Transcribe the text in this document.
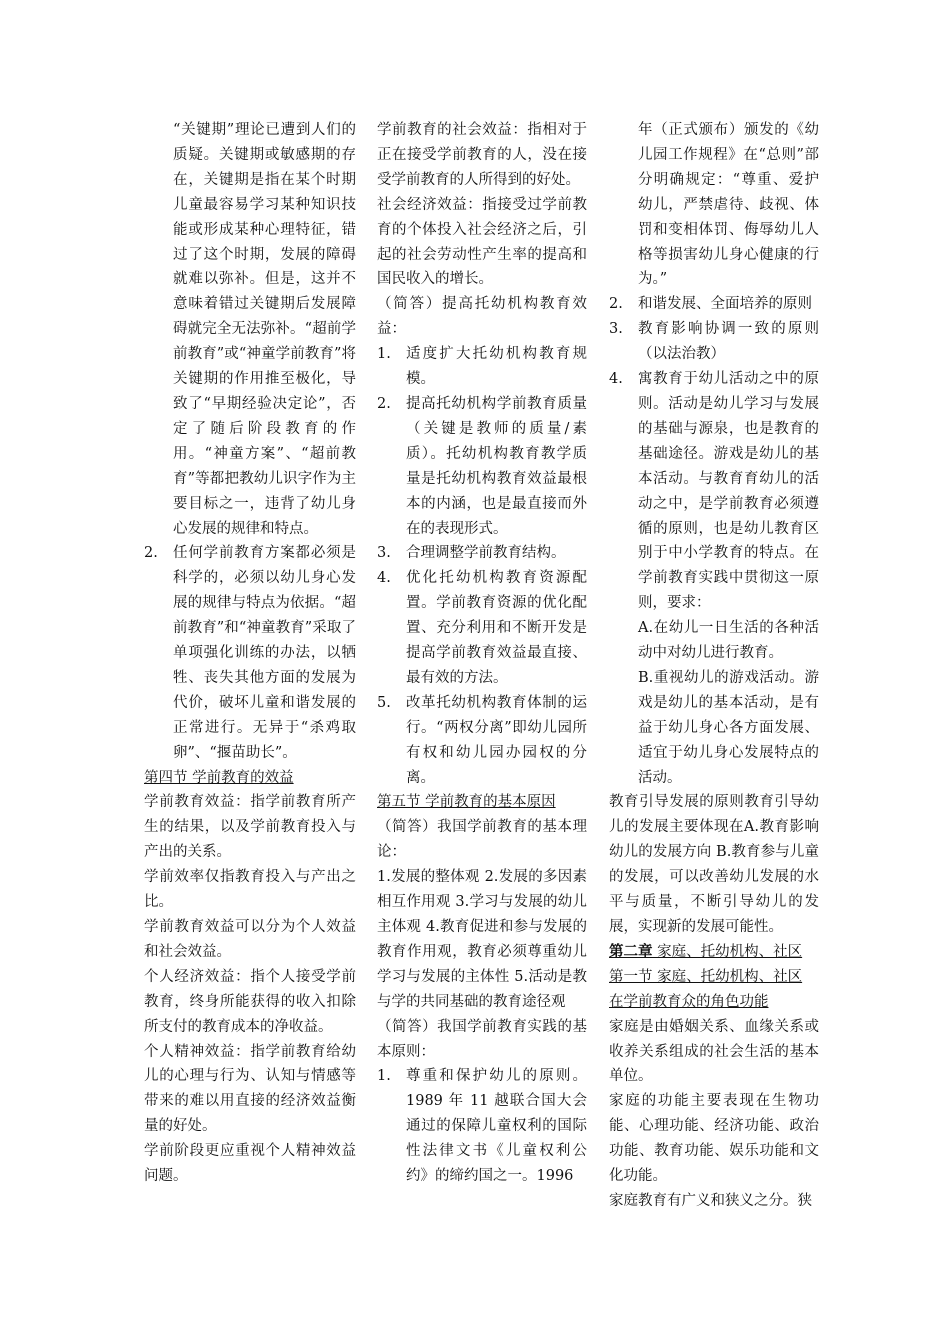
“关键期”理论已遭到人们的质疑。关键期或敏感期的存在，关键期是指在某个时期儿童最容易学习某种知识技能或形成某种心理特征，错过了这个时期，发展的障碍就难以弥补。但是，这并不意味着错过关键期后发展障碍就完全无法弥补。“超前学前教育”或“神童学前教育”将关键期的作用推至极化，导致了“早期经验决定论”，否定了随后阶段教育的作用。“神童方案”、“超前教育”等都把教幼儿识字作为主要目标之一，违背了幼儿身心发展的规律和特点。

2. 任何学前教育方案都必须是科学的，必须以幼儿身心发展的规律与特点为依据。“超前教育”和“神童教育”采取了单项强化训练的办法，以牺牲、丧失其他方面的发展为代价，破坏儿童和谐发展的正常进行。无异于“杀鸡取卵”、“揠苗助长”。

第四节 学前教育的效益

学前教育效益：指学前教育所产生的结果，以及学前教育投入与产出的关系。

学前效率仅指教育投入与产出之比。

学前教育效益可以分为个人效益和社会效益。

个人经济效益：指个人接受学前教育，终身所能获得的收入扣除所支付的教育成本的净收益。

个人精神效益：指学前教育给幼儿的心理与行为、认知与情感等带来的难以用直接的经济效益衡量的好处。

学前阶段更应重视个人精神效益问题。

学前教育的社会效益：指相对于正在接受学前教育的人，没在接受学前教育的人所得到的好处。

社会经济效益：指接受过学前教育的个体投入社会经济之后，引起的社会劳动性产生率的提高和国民收入的增长。

（简答）提高托幼机构教育效益：

1. 适度扩大托幼机构教育规模。

2. 提高托幼机构学前教育质量（关键是教师的质量/素质）。托幼机构教育教学质量是托幼机构教育效益最根本的内涵，也是最直接而外在的表现形式。

3. 合理调整学前教育结构。

4. 优化托幼机构教育资源配置。学前教育资源的优化配置、充分利用和不断开发是提高学前教育效益最直接、最有效的方法。

5. 改革托幼机构教育体制的运行。“两权分离”即幼儿园所有权和幼儿园办园权的分离。

第五节 学前教育的基本原因

（简答）我国学前教育的基本理论：

1.发展的整体观 2.发展的多因素相互作用观 3.学习与发展的幼儿主体观 4.教育促进和参与发展的教育作用观，教育必须尊重幼儿学习与发展的主体性 5.活动是教与学的共同基础的教育途径观

（简答）我国学前教育实践的基本原则：

1. 尊重和保护幼儿的原则。1989 年 11 越联合国大会通过的保障儿童权利的国际性法律文书《儿童权利公约》的缔约国之一。1996

年（正式颁布）颁发的《幼儿园工作规程》在“总则”部分明确规定：“尊重、爱护幼儿，严禁虐待、歧视、体罚和变相体罚、侮辱幼儿人格等损害幼儿身心健康的行为。”

2. 和谐发展、全面培养的原则

3. 教育影响协调一致的原则（以法治教）

4. 寓教育于幼儿活动之中的原则。活动是幼儿学习与发展的基础与源泉，也是教育的基础途径。游戏是幼儿的基本活动。与教育育幼儿的活动之中，是学前教育必须遵循的原则，也是幼儿教育区别于中小学教育的特点。在学前教育实践中贯彻这一原则，要求：

A.在幼儿一日生活的各种活动中对幼儿进行教育。

B.重视幼儿的游戏活动。游戏是幼儿的基本活动，是有益于幼儿身心各方面发展、适宜于幼儿身心发展特点的活动。

教育引导发展的原则教育引导幼儿的发展主要体现在A.教育影响幼儿的发展方向 B.教育参与儿童的发展，可以改善幼儿发展的水平与质量，不断引导幼儿的发展，实现新的发展可能性。

第二章 家庭、托幼机构、社区

第一节 家庭、托幼机构、社区

在学前教育众的角色功能

家庭是由婚姻关系、血缘关系或收养关系组成的社会生活的基本单位。

家庭的功能主要表现在生物功能、心理功能、经济功能、政治功能、教育功能、娱乐功能和文化功能。

家庭教育有广义和狭义之分。狭
